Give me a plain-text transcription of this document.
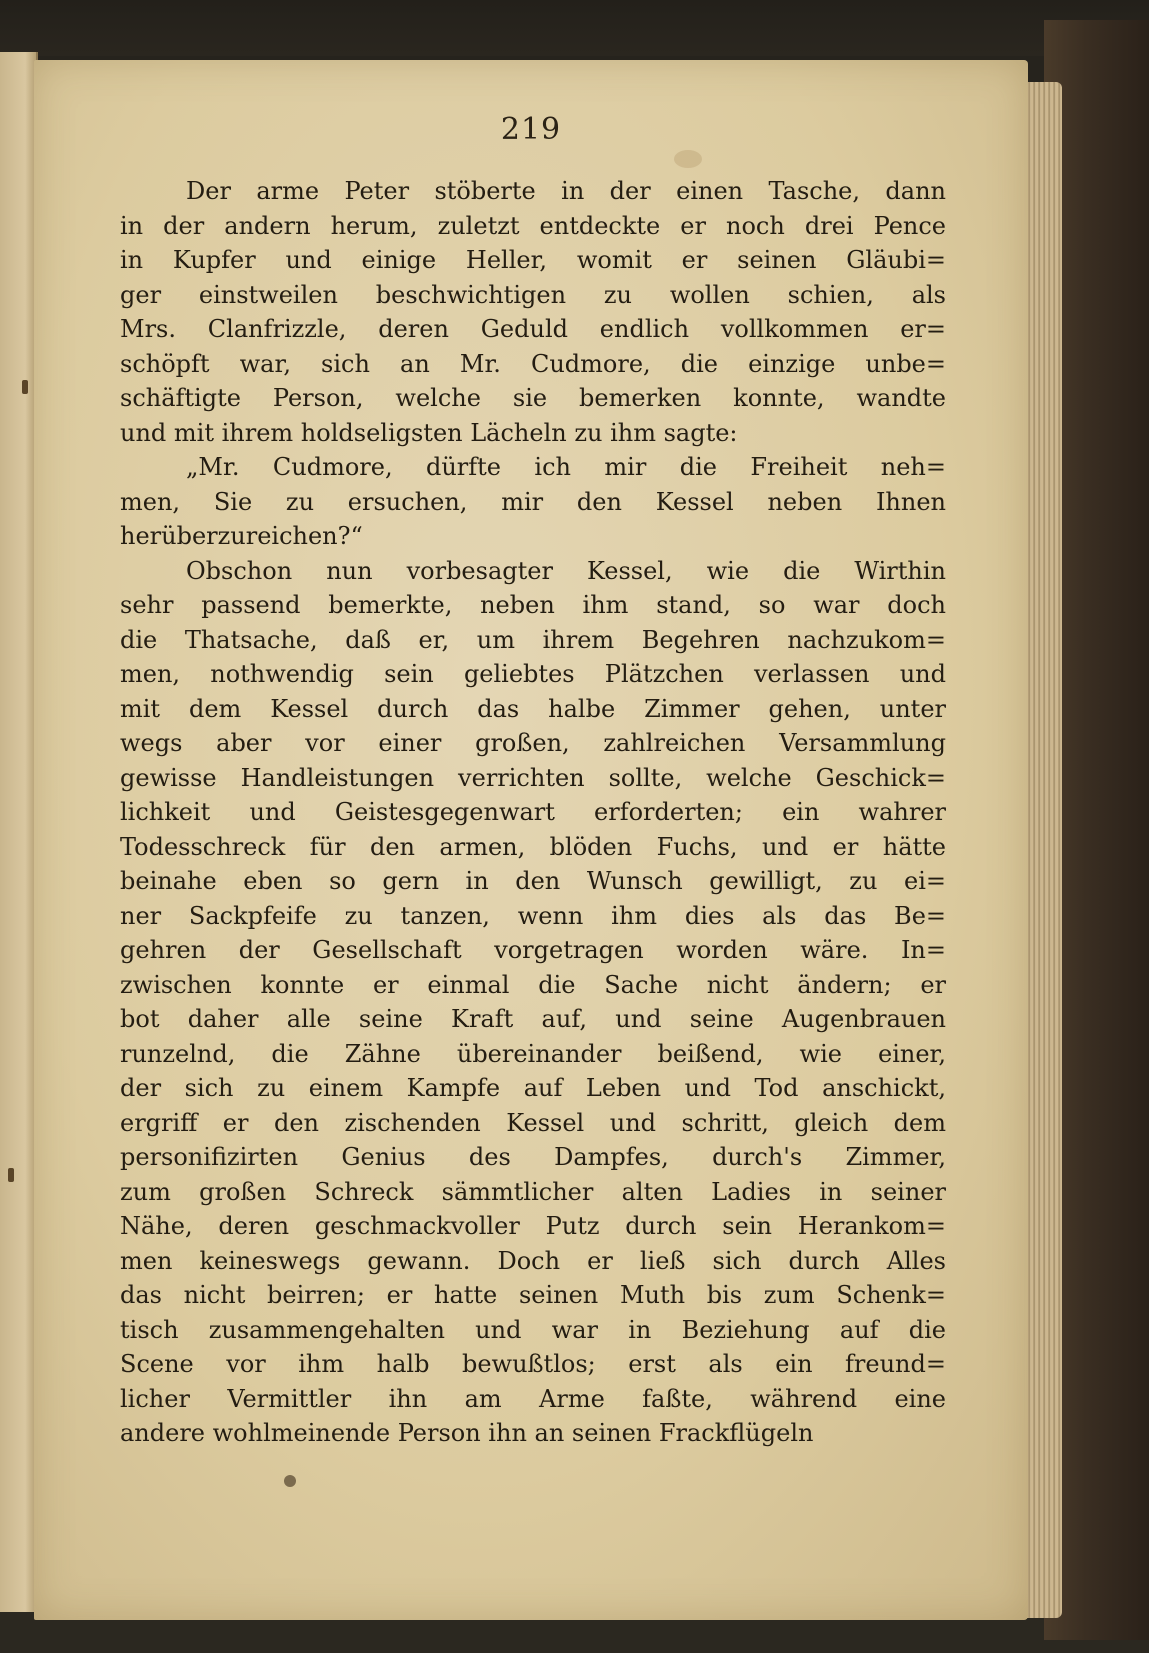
219
Der arme Peter stöberte in der einen Tasche, dann
in der andern herum, zuletzt entdeckte er noch drei Pence
in Kupfer und einige Heller, womit er seinen Gläubi=
ger einstweilen beschwichtigen zu wollen schien, als
Mrs. Clanfrizzle, deren Geduld endlich vollkommen er=
schöpft war, sich an Mr. Cudmore, die einzige unbe=
schäftigte Person, welche sie bemerken konnte, wandte
und mit ihrem holdseligsten Lächeln zu ihm sagte:
„Mr. Cudmore, dürfte ich mir die Freiheit neh=
men, Sie zu ersuchen, mir den Kessel neben Ihnen
herüberzureichen?“
Obschon nun vorbesagter Kessel, wie die Wirthin
sehr passend bemerkte, neben ihm stand, so war doch
die Thatsache, daß er, um ihrem Begehren nachzukom=
men, nothwendig sein geliebtes Plätzchen verlassen und
mit dem Kessel durch das halbe Zimmer gehen, unter
wegs aber vor einer großen, zahlreichen Versammlung
gewisse Handleistungen verrichten sollte, welche Geschick=
lichkeit und Geistesgegenwart erforderten; ein wahrer
Todesschreck für den armen, blöden Fuchs, und er hätte
beinahe eben so gern in den Wunsch gewilligt, zu ei=
ner Sackpfeife zu tanzen, wenn ihm dies als das Be=
gehren der Gesellschaft vorgetragen worden wäre. In=
zwischen konnte er einmal die Sache nicht ändern; er
bot daher alle seine Kraft auf, und seine Augenbrauen
runzelnd, die Zähne übereinander beißend, wie einer,
der sich zu einem Kampfe auf Leben und Tod anschickt,
ergriff er den zischenden Kessel und schritt, gleich dem
personifizirten Genius des Dampfes, durch's Zimmer,
zum großen Schreck sämmtlicher alten Ladies in seiner
Nähe, deren geschmackvoller Putz durch sein Herankom=
men keineswegs gewann. Doch er ließ sich durch Alles
das nicht beirren; er hatte seinen Muth bis zum Schenk=
tisch zusammengehalten und war in Beziehung auf die
Scene vor ihm halb bewußtlos; erst als ein freund=
licher Vermittler ihn am Arme faßte, während eine
andere wohlmeinende Person ihn an seinen Frackflügeln
